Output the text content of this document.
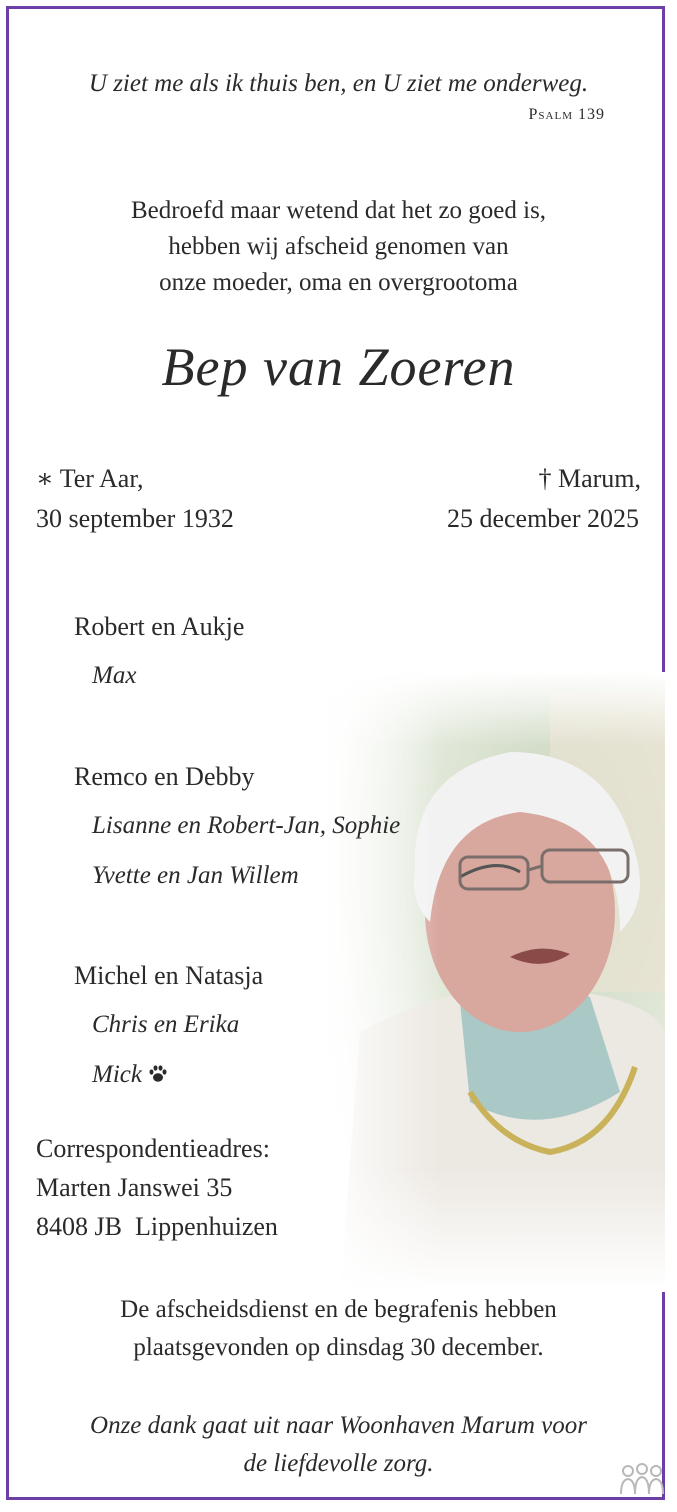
U ziet me als ik thuis ben, en U ziet me onderweg.
Psalm 139
Bedroefd maar wetend dat het zo goed is,
hebben wij afscheid genomen van
onze moeder, oma en overgrootoma
Bep van Zoeren
∗ Ter Aar,
30 september 1932
† Marum,
25 december 2025
Robert en Aukje
Max
Remco en Debby
Lisanne en Robert-Jan, Sophie
Yvette en Jan Willem
Michel en Natasja
Chris en Erika
Mick
Correspondentieadres:
Marten Janswei 35
8408 JB Lippenhuizen
De afscheidsdienst en de begrafenis hebben
plaatsgevonden op dinsdag 30 december.
Onze dank gaat uit naar Woonhaven Marum voor
de liefdevolle zorg.
